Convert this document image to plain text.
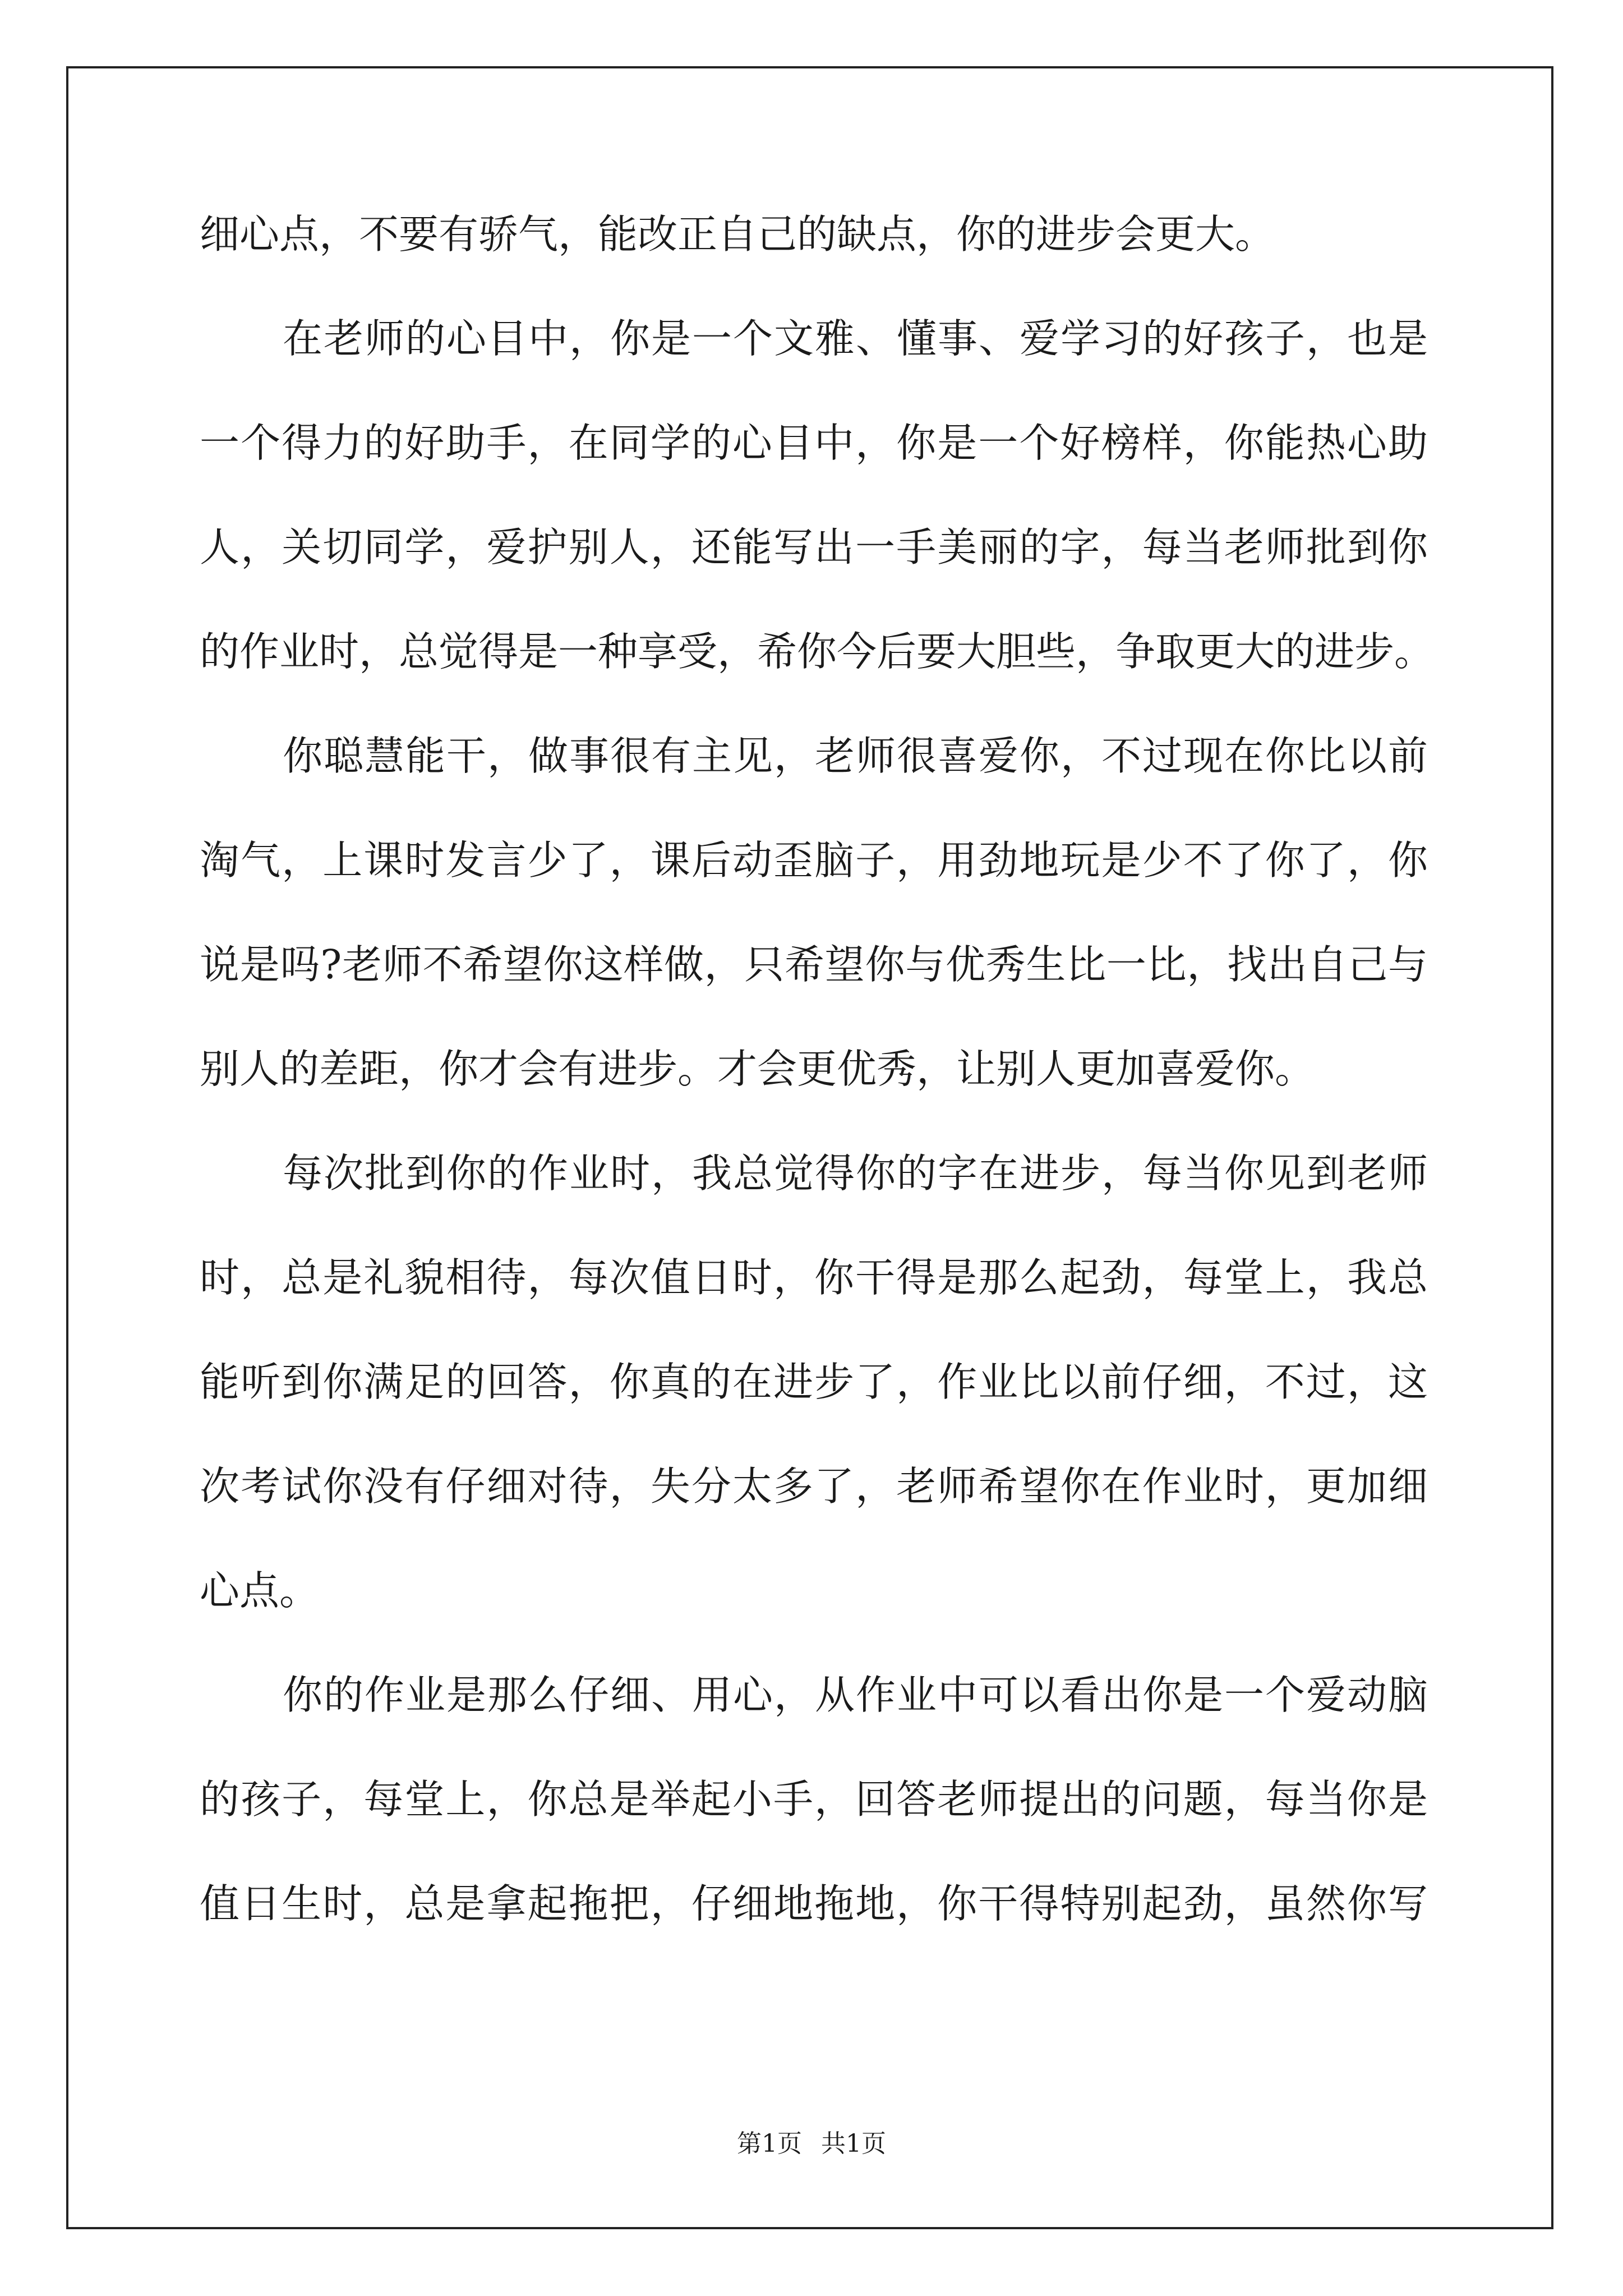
细心点，不要有骄气，能改正自己的缺点，你的进步会更大。
在老师的心目中，你是一个文雅、懂事、爱学习的好孩子，也是
一个得力的好助手，在同学的心目中，你是一个好榜样，你能热心助
人，关切同学，爱护别人，还能写出一手美丽的字，每当老师批到你
的作业时，总觉得是一种享受，希你今后要大胆些，争取更大的进步。
你聪慧能干，做事很有主见，老师很喜爱你，不过现在你比以前
淘气，上课时发言少了，课后动歪脑子，用劲地玩是少不了你了，你
说是吗?老师不希望你这样做，只希望你与优秀生比一比，找出自己与
别人的差距，你才会有进步。才会更优秀，让别人更加喜爱你。
每次批到你的作业时，我总觉得你的字在进步，每当你见到老师
时，总是礼貌相待，每次值日时，你干得是那么起劲，每堂上，我总
能听到你满足的回答，你真的在进步了，作业比以前仔细，不过，这
次考试你没有仔细对待，失分太多了，老师希望你在作业时，更加细
心点。
你的作业是那么仔细、用心，从作业中可以看出你是一个爱动脑
的孩子，每堂上，你总是举起小手，回答老师提出的问题，每当你是
值日生时，总是拿起拖把，仔细地拖地，你干得特别起劲，虽然你写
第1页 共1页
